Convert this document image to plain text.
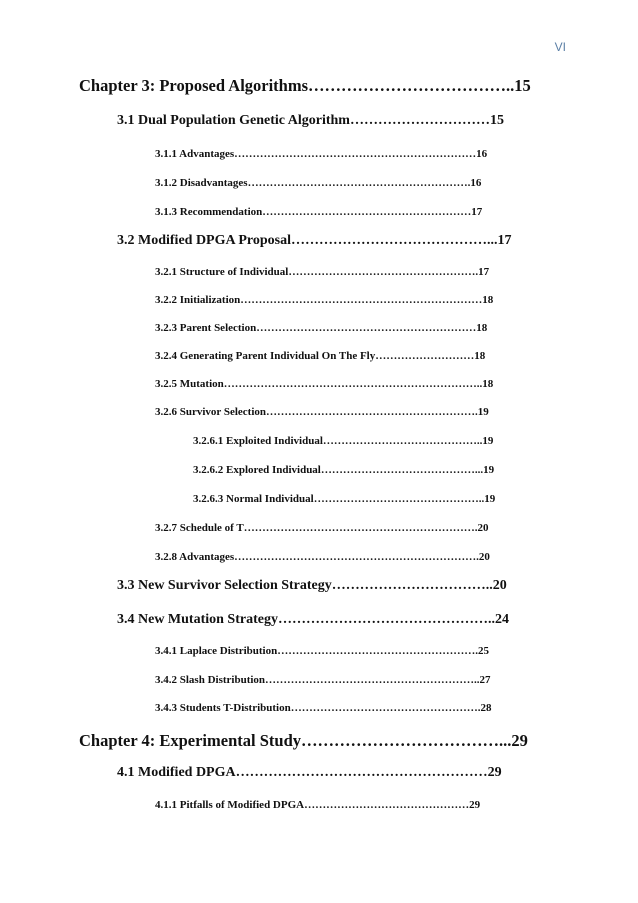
VI
Chapter 3: Proposed Algorithms………………………………..15
3.1 Dual Population Genetic Algorithm…………………………15
3.1.1 Advantages…………………………………………………………16
3.1.2 Disadvantages…………………………………………………….16
3.1.3 Recommendation…………………………………………………17
3.2 Modified DPGA Proposal……………………………………...17
3.2.1 Structure of Individual…………………………………………….17
3.2.2 Initialization…………………………………………………………18
3.2.3 Parent Selection……………………………………………………18
3.2.4 Generating Parent Individual On The Fly………………………18
3.2.5 Mutation……………………………………………………………..18
3.2.6 Survivor Selection………………………………………………….19
3.2.6.1 Exploited Individual……………………………………..19
3.2.6.2 Explored Individual……………………………………...19
3.2.6.3 Normal Individual………………………………………..19
3.2.7 Schedule of T……………………………………………………….20
3.2.8 Advantages………………………………………………………….20
3.3 New Survivor Selection Strategy……………………………..20
3.4 New Mutation Strategy………………………………………..24
3.4.1 Laplace Distribution……………………………………………….25
3.4.2 Slash Distribution…………………………………………………..27
3.4.3 Students T-Distribution…………………………………………….28
Chapter 4: Experimental Study………………………………...29
4.1 Modified DPGA………………………………………………29
4.1.1 Pitfalls of Modified DPGA………………………………………29
